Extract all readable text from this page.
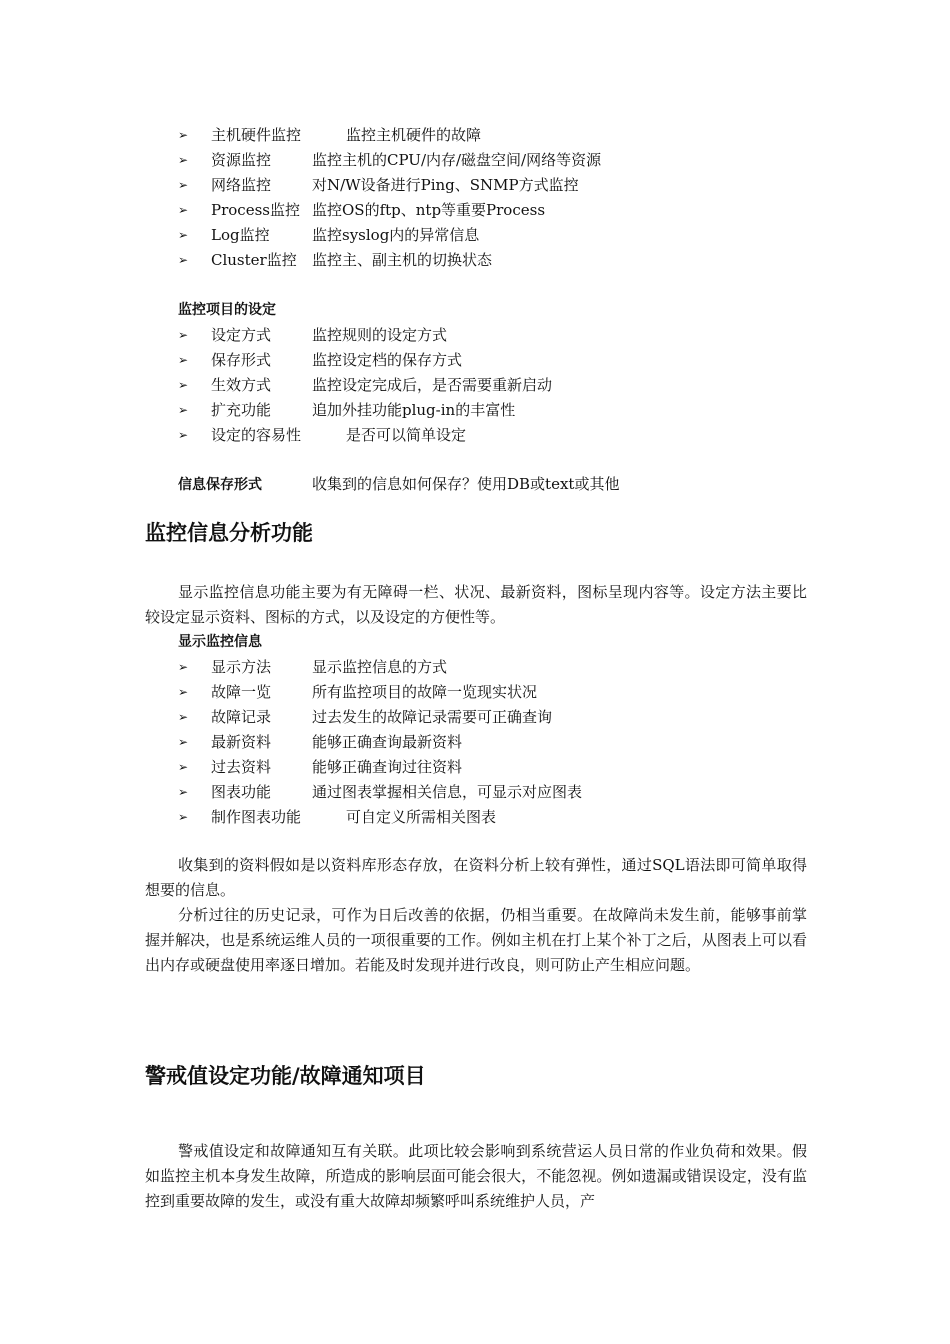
➢ 主机硬件监控	监控主机硬件的故障
➢ 资源监控	监控主机的CPU/内存/磁盘空间/网络等资源
➢ 网络监控	对N/W设备进行Ping、SNMP方式监控
➢ Process监控 监控OS的ftp、ntp等重要Process
➢ Log监控	监控syslog内的异常信息
➢ Cluster监控 监控主、副主机的切换状态
监控项目的设定
➢ 设定方式	监控规则的设定方式
➢ 保存形式	监控设定档的保存方式
➢ 生效方式	监控设定完成后，是否需要重新启动
➢ 扩充功能	追加外挂功能plug-in的丰富性
➢ 设定的容易性	是否可以简单设定
信息保存形式	收集到的信息如何保存？使用DB或text或其他
监控信息分析功能

显示监控信息功能主要为有无障碍一栏、状况、最新资料，图标呈现内容等。设定方法主要比较设定显示资料、图标的方式，以及设定的方便性等。

显示监控信息
➢ 显示方法	显示监控信息的方式
➢ 故障一览	所有监控项目的故障一览现实状况
➢ 故障记录	过去发生的故障记录需要可正确查询
➢ 最新资料	能够正确查询最新资料
➢ 过去资料	能够正确查询过往资料
➢ 图表功能	通过图表掌握相关信息，可显示对应图表
➢ 制作图表功能	可自定义所需相关图表

收集到的资料假如是以资料库形态存放，在资料分析上较有弹性，通过SQL语法即可简单取得想要的信息。

分析过往的历史记录，可作为日后改善的依据，仍相当重要。在故障尚未发生前，能够事前掌握并解决，也是系统运维人员的一项很重要的工作。例如主机在打上某个补丁之后，从图表上可以看出内存或硬盘使用率逐日增加。若能及时发现并进行改良，则可防止产生相应问题。

警戒值设定功能/故障通知项目

警戒值设定和故障通知互有关联。此项比较会影响到系统营运人员日常的作业负荷和效果。假如监控主机本身发生故障，所造成的影响层面可能会很大，不能忽视。例如遗漏或错误设定，没有监控到重要故障的发生，或没有重大故障却频繁呼叫系统维护人员，产
